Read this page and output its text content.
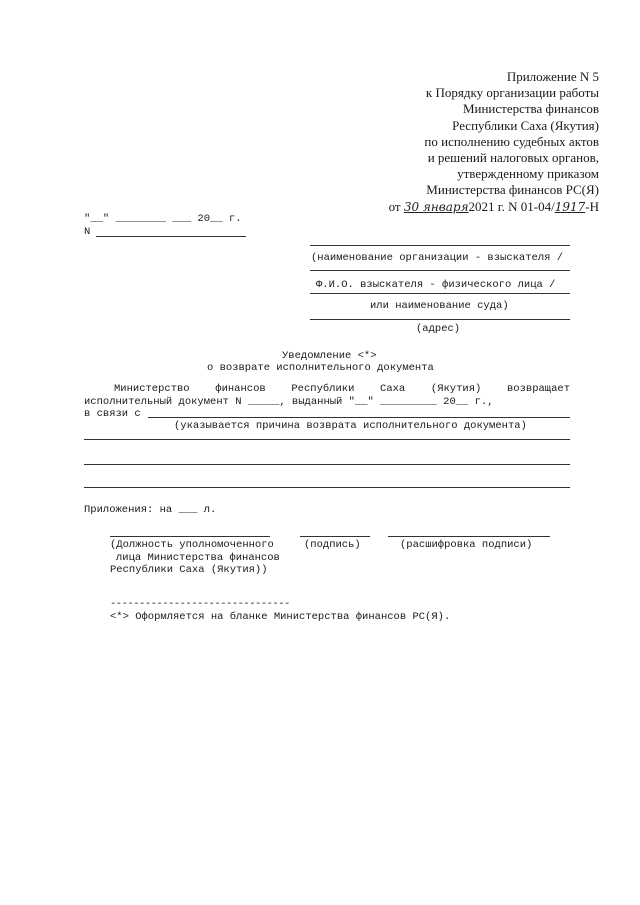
Приложение N 5
к Порядку организации работы
Министерства финансов
Республики Саха (Якутия)
по исполнению судебных актов
и решений налоговых органов,
утвержденному приказом
Министерства финансов РС(Я)
от 30 января2021 г. N 01-04/1917-Н
"__" ________ ___ 20__ г.
N
(наименование организации - взыскателя /
Ф.И.О. взыскателя - физического лица /
или наименование суда)
(адрес)
Уведомление <*>
о возврате исполнительного документа
Министерство финансов Республики Саха (Якутия) возвращает
исполнительный документ N _____, выданный "__" _________ 20__ г.,
в связи с
(указывается причина возврата исполнительного документа)
Приложения: на ___ л.
(Должность уполномоченного	(подпись)	(расшифровка подписи)
лица Министерства финансов
Республики Саха (Якутия))
-------------------------------
<*> Оформляется на бланке Министерства финансов РС(Я).
